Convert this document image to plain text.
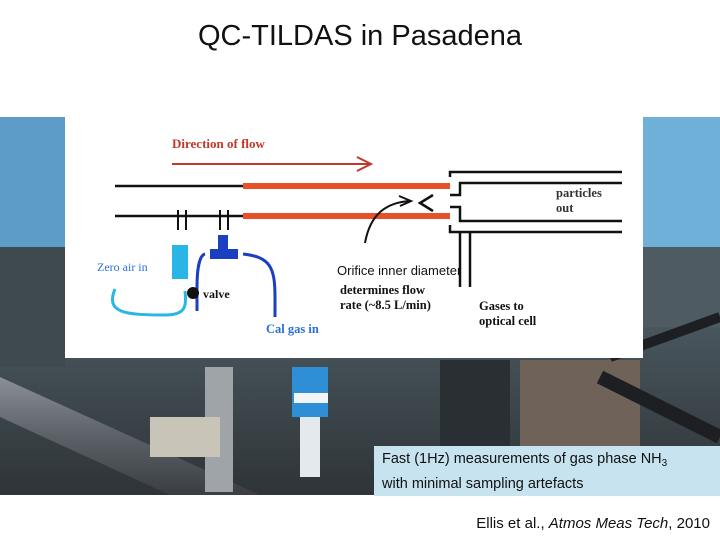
QC-TILDAS in Pasadena
Direction of flow
Zero air in
Cal gas in
valve
particles
out
Orifice inner diameter
determines flow
rate (~8.5 L/min)	Gases to
optical cell
Fast (1Hz) measurements of gas phase $NH_3$
with minimal sampling artefacts
Ellis et al., Atmos Meas Tech, 2010
